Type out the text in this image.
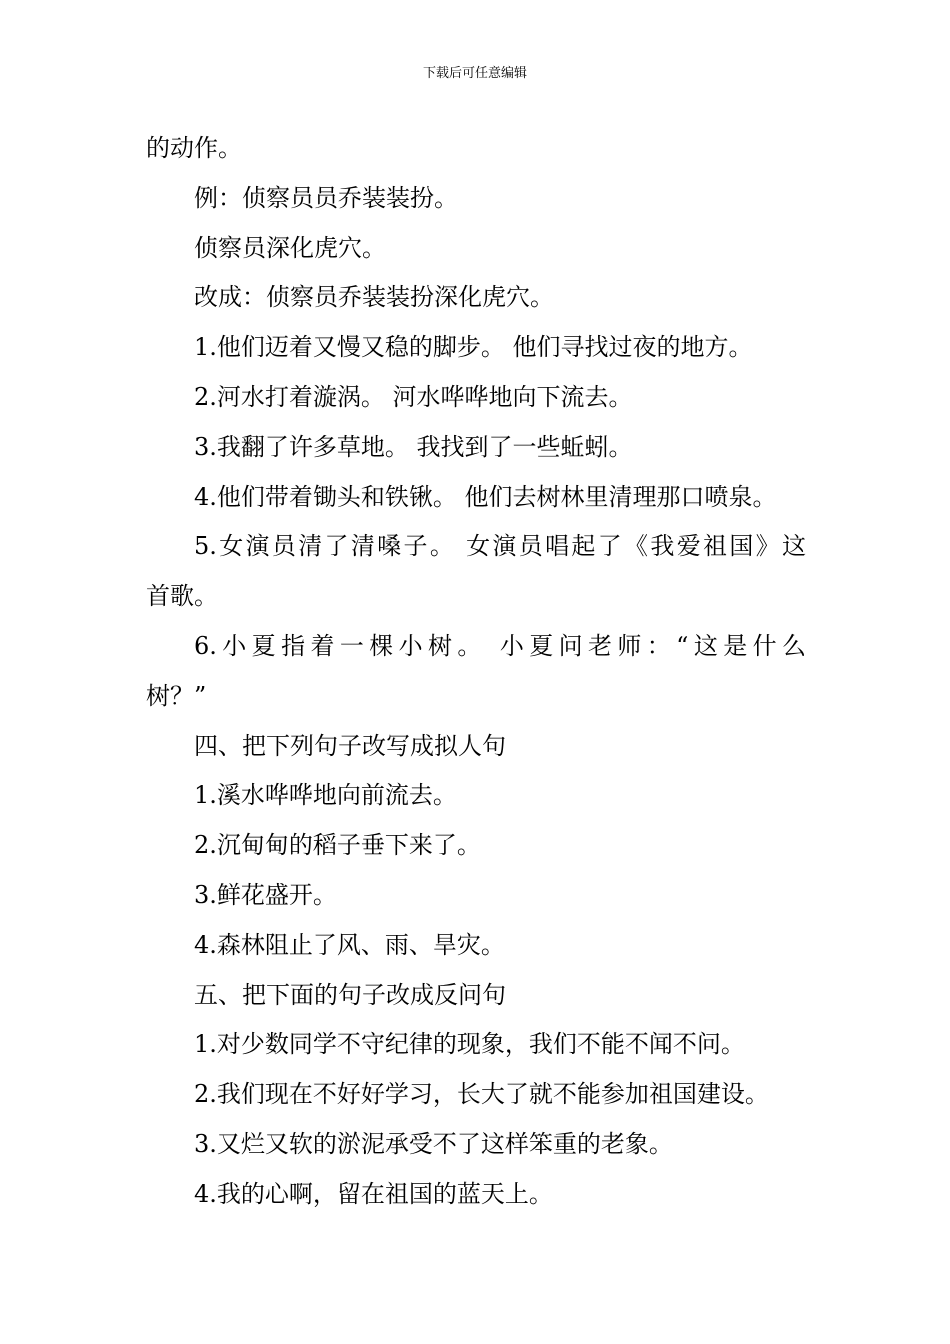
下载后可任意编辑
的动作。
例：侦察员员乔装装扮。
侦察员深化虎穴。
改成：侦察员乔装装扮深化虎穴。
1.他们迈着又慢又稳的脚步。 他们寻找过夜的地方。
2.河水打着漩涡。 河水哗哗地向下流去。
3.我翻了许多草地。 我找到了一些蚯蚓。
4.他们带着锄头和铁锹。 他们去树林里清理那口喷泉。
5.女演员清了清嗓子。 女演员唱起了《我爱祖国》这
首歌。
6.小夏指着一棵小树。 小夏问老师：“这是什么
树？”
四、把下列句子改写成拟人句
1.溪水哗哗地向前流去。
2.沉甸甸的稻子垂下来了。
3.鲜花盛开。
4.森林阻止了风、雨、旱灾。
五、把下面的句子改成反问句
1.对少数同学不守纪律的现象，我们不能不闻不问。
2.我们现在不好好学习，长大了就不能参加祖国建设。
3.又烂又软的淤泥承受不了这样笨重的老象。
4.我的心啊，留在祖国的蓝天上。
